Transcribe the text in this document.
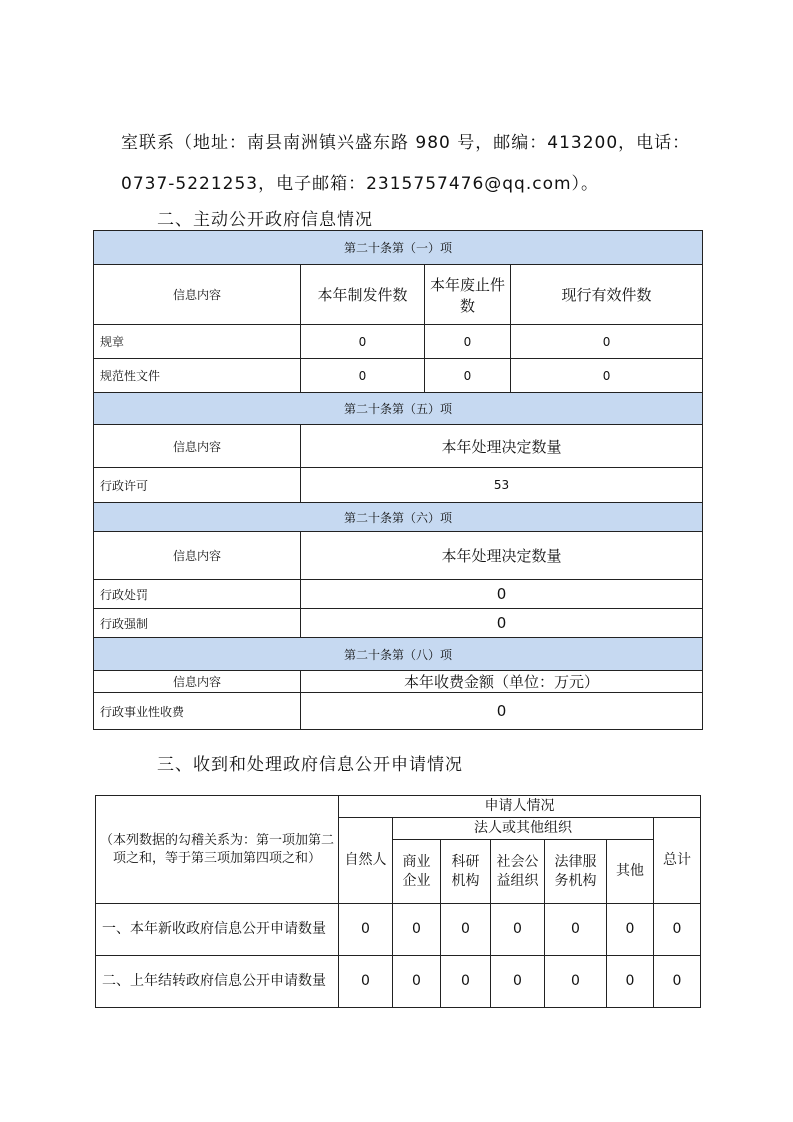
室联系（地址：南县南洲镇兴盛东路 980 号，邮编：413200，电话：
0737-5221253，电子邮箱：2315757476@qq.com）。
二、主动公开政府信息情况
第二十条第（一）项			
信息内容	本年制发件数	本年废止件数	现行有效件数
规章	0	0	0
规范性文件	0	0	0
第二十条第（五）项			
信息内容	本年处理决定数量		
行政许可	53		
第二十条第（六）项			
信息内容	本年处理决定数量		
行政处罚	0		
行政强制	0		
第二十条第（八）项			
信息内容	本年收费金额（单位：万元）		
行政事业性收费	0		
三、收到和处理政府信息公开申请情况
（本列数据的勾稽关系为：第一项加第二项之和，等于第三项加第四项之和）	申请人情况						
	自然人	法人或其他组织					总计
		商业企业	科研机构	社会公益组织	法律服务机构	其他	
一、本年新收政府信息公开申请数量	0	0	0	0	0	0	0
二、上年结转政府信息公开申请数量	0	0	0	0	0	0	0
